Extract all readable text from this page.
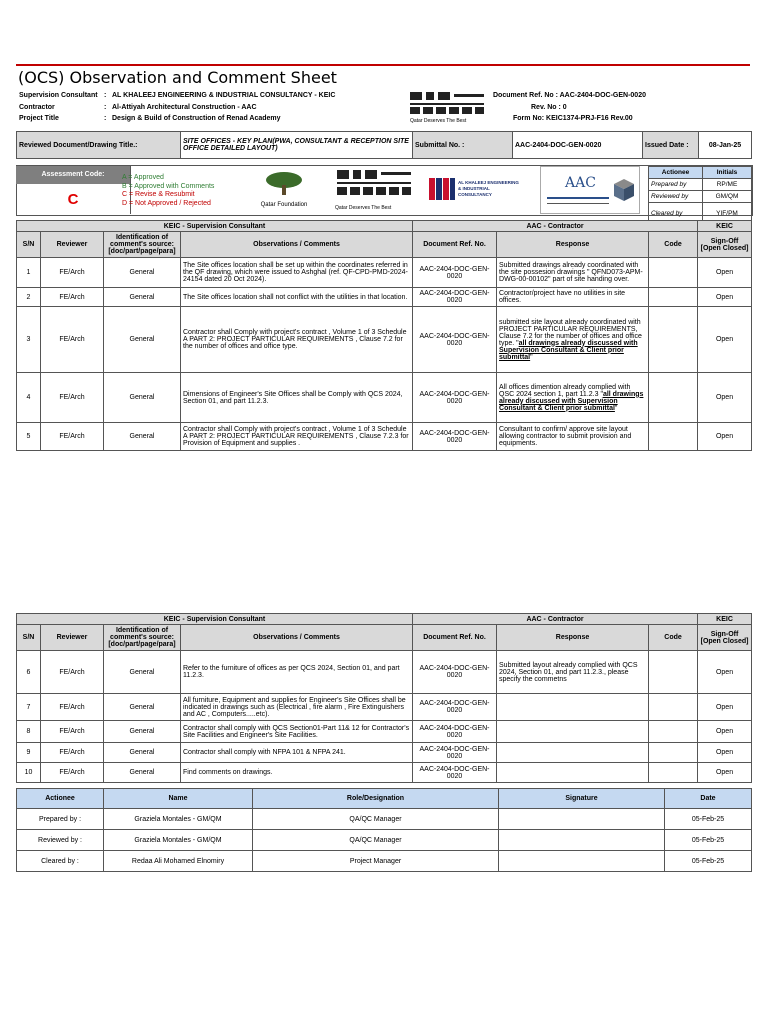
(OCS) Observation and Comment Sheet
Supervision Consultant : AL KHALEEJ ENGINEERING & INDUSTRIAL CONSULTANCY - KEIC
Contractor	: Al-Attiyah Architectural Construction - AAC
Project Title	: Design & Build of Construction of Renad Academy	Qatar Deserves The Best
Document Ref. No : AAC-2404-DOC-GEN-0020
Rev. No : 0
Form No: KEIC1374-PRJ-F16 Rev.00
Reviewed Document/Drawing Title.:	SITE OFFICES - KEY PLAN(PWA, CONSULTANT & RECEPTION SITE OFFICE DETAILED LAYOUT)	Submittal No. :	AAC-2404-DOC-GEN-0020	Issued Date :	08-Jan-25
Assessment Code:
C
A = Approved
B = Approved with Comments
C = Revise & Resubmit
D = Not Approved / Rejected	Qatar Foundation	Qatar Deserves The Best
AL KHALEEJ ENGINEERING & INDUSTRIAL CONSULTANCY
AAC
Actionee	Initials
Prepared by	RP/ME
Reviewed by	GM/QM
Cleared by	YIF/PM
KEIC - Supervision Consultant				AAC - Contractor			KEIC
S/N	Reviewer	Identification of comment's source: [doc/part/page/para]	Observations / Comments	Document Ref. No.	Response	Code	Sign-Off [Open Closed]
1	FE/Arch	General	The Site offices location shall be set up within the coordinates referred in the QF drawing, which were issued to Ashghal (ref. QF-CPD-PMD-2024-24154 dated 20 Oct 2024).	AAC-2404-DOC-GEN-0020	Submitted drawings already coordinated with the site possesion drawings " QFND073-APM-DWG-00-00102" part of site handing over.		Open
2	FE/Arch	General	The Site offices location shall not conflict with the utilities in that location.	AAC-2404-DOC-GEN-0020	Contractor/project have no utilities in site offices.		Open
3	FE/Arch	General	Contractor shall Comply with project's contract , Volume 1 of 3 Schedule A PART 2: PROJECT PARTICULAR REQUIREMENTS , Clause 7.2 for the number of offices and office type.	AAC-2404-DOC-GEN-0020	submitted site layout already coordinated with PROJECT PARTICULAR REQUIREMENTS, Clause 7.2 for the number of offices and office type. "all drawings already discussed with Supervision Consultant & Client prior submittal"		Open
4	FE/Arch	General	Dimensions of Engineer's Site Offices shall be Comply with QCS 2024, Section 01, and part 11.2.3.	AAC-2404-DOC-GEN-0020	All offices dimention already complied with QSC 2024 section 1, part 11.2.3 "all drawings already discussed with Supervision Consultant & Client prior submittal"		Open
5	FE/Arch	General	Contractor shall Comply with project's contract , Volume 1 of 3 Schedule A PART 2: PROJECT PARTICULAR REQUIREMENTS , Clause 7.2.3 for Provision of Equipment and supplies .	AAC-2404-DOC-GEN-0020	Consultant to confirm/ approve site layout allowing contractor to submit provision and equipments.		Open
KEIC - Supervision Consultant				AAC - Contractor			KEIC
S/N	Reviewer	Identification of comment's source: [doc/part/page/para]	Observations / Comments	Document Ref. No.	Response	Code	Sign-Off [Open Closed]
6	FE/Arch	General	Refer to the furniture of offices as per QCS 2024, Section 01, and part 11.2.3.	AAC-2404-DOC-GEN-0020	Submitted layout already complied with QCS 2024, Section 01, and part 11.2.3., please specify the commetns		Open
7	FE/Arch	General	All furniture, Equipment and supplies for Engineer's Site Offices shall be indicated in drawings such as (Electrical , fire alarm , Fire Extinguishers and AC , Computers.....etc).	AAC-2404-DOC-GEN-0020			Open
8	FE/Arch	General	Contractor shall comply with QCS Section01-Part 11& 12 for Contractor's Site Facilities and Engineer's Site Facilities.	AAC-2404-DOC-GEN-0020			Open
9	FE/Arch	General	Contractor shall comply with NFPA 101 & NFPA 241.	AAC-2404-DOC-GEN-0020			Open
10	FE/Arch	General	Find comments on drawings.	AAC-2404-DOC-GEN-0020			Open
Actionee	Name	Role/Designation	Signature	Date
Prepared by :	Graziela Montales - GM/QM	QA/QC Manager		05-Feb-25
Reviewed by :	Graziela Montales - GM/QM	QA/QC Manager		05-Feb-25
Cleared by :	Redaa Ali Mohamed Elnomiry	Project Manager		05-Feb-25
